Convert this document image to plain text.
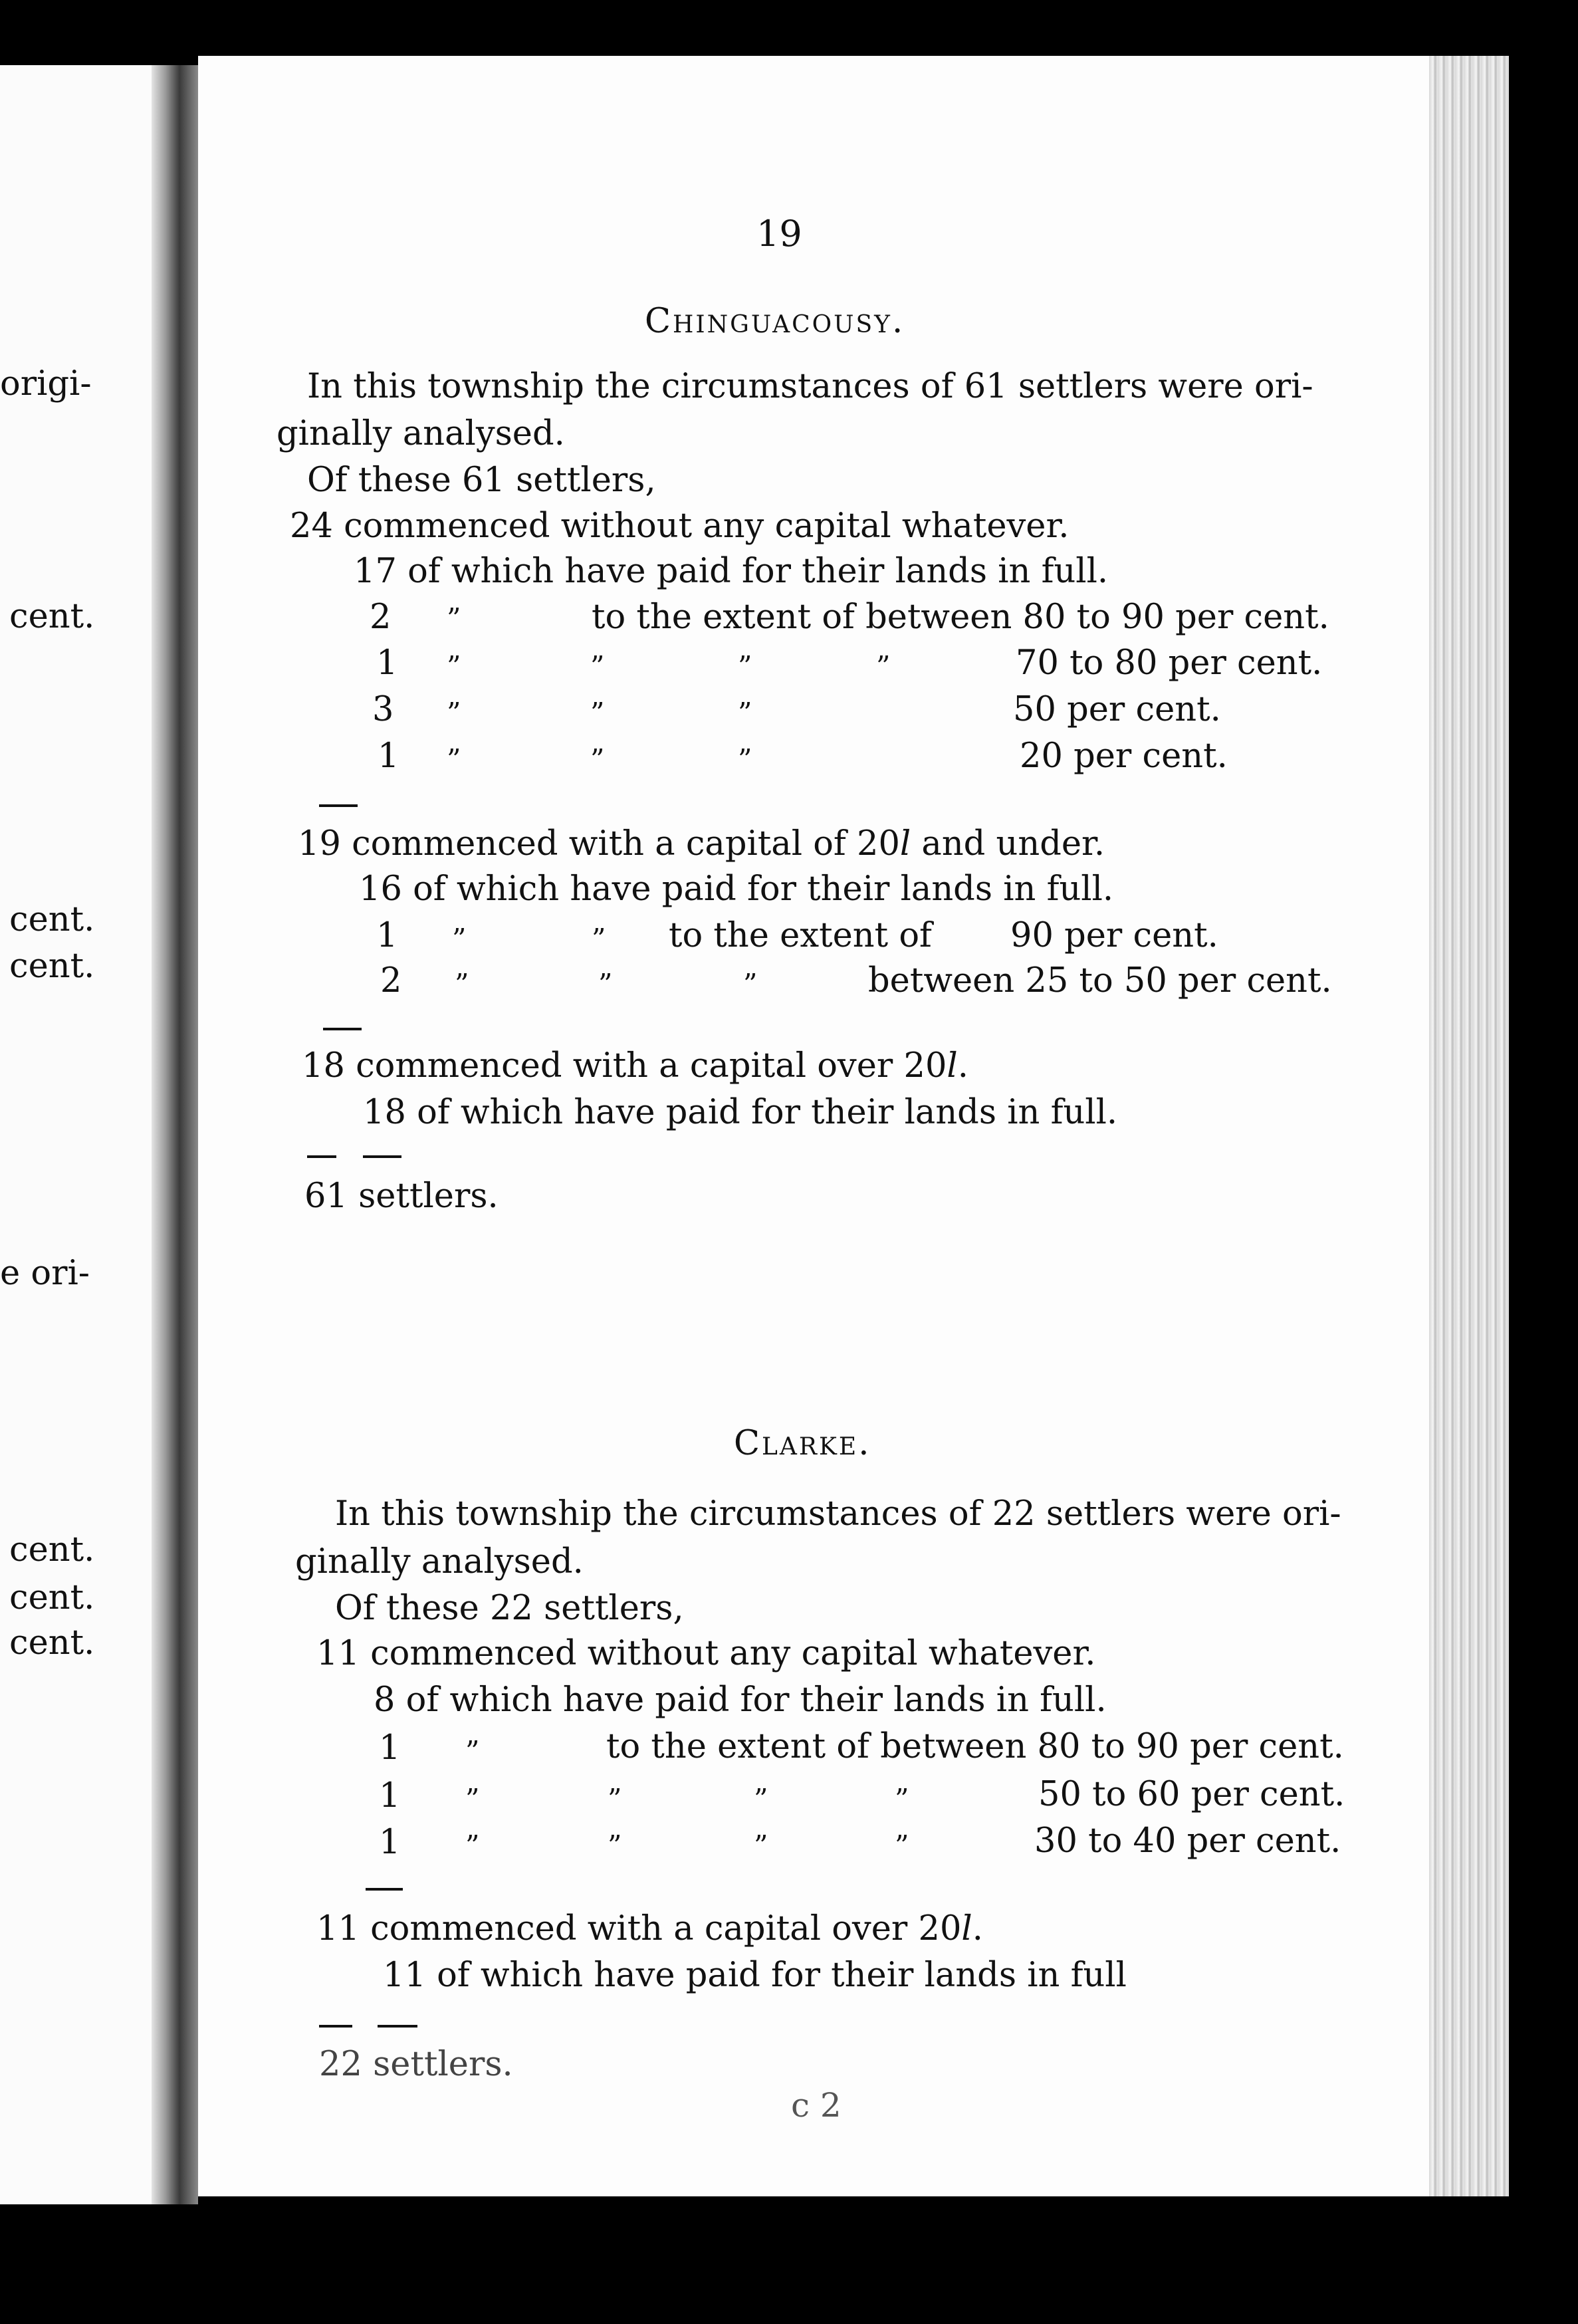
origi-
cent.
cent.
cent.
e ori-
cent.
cent.
cent.
19
Chinguacousy.
In this township the circumstances of 61 settlers were ori-
ginally analysed.
Of these 61 settlers,
24 commenced without any capital whatever.
17 of which have paid for their lands in full.
2 ”	to the extent of between 80 to 90 per cent.
1 ”	”	”	”	70 to 80 per cent.
3 ”	”	”	50 per cent.
1 ”	”	”	20 per cent.
19 commenced with a capital of 20l and under.
16 of which have paid for their lands in full.
1 ”	” to the extent of 90 per cent.
2 ”	”	”	between 25 to 50 per cent.
18 commenced with a capital over 20l.
18 of which have paid for their lands in full.
61 settlers.
Clarke.
In this township the circumstances of 22 settlers were ori-
ginally analysed.
Of these 22 settlers,
11 commenced without any capital whatever.
8 of which have paid for their lands in full.
1 ”	to the extent of between 80 to 90 per cent.
1 ”	”	”	”	50 to 60 per cent.
1 ”	”	”	”	30 to 40 per cent.
11 commenced with a capital over 20l.
11 of which have paid for their lands in full
22 settlers.
c 2
